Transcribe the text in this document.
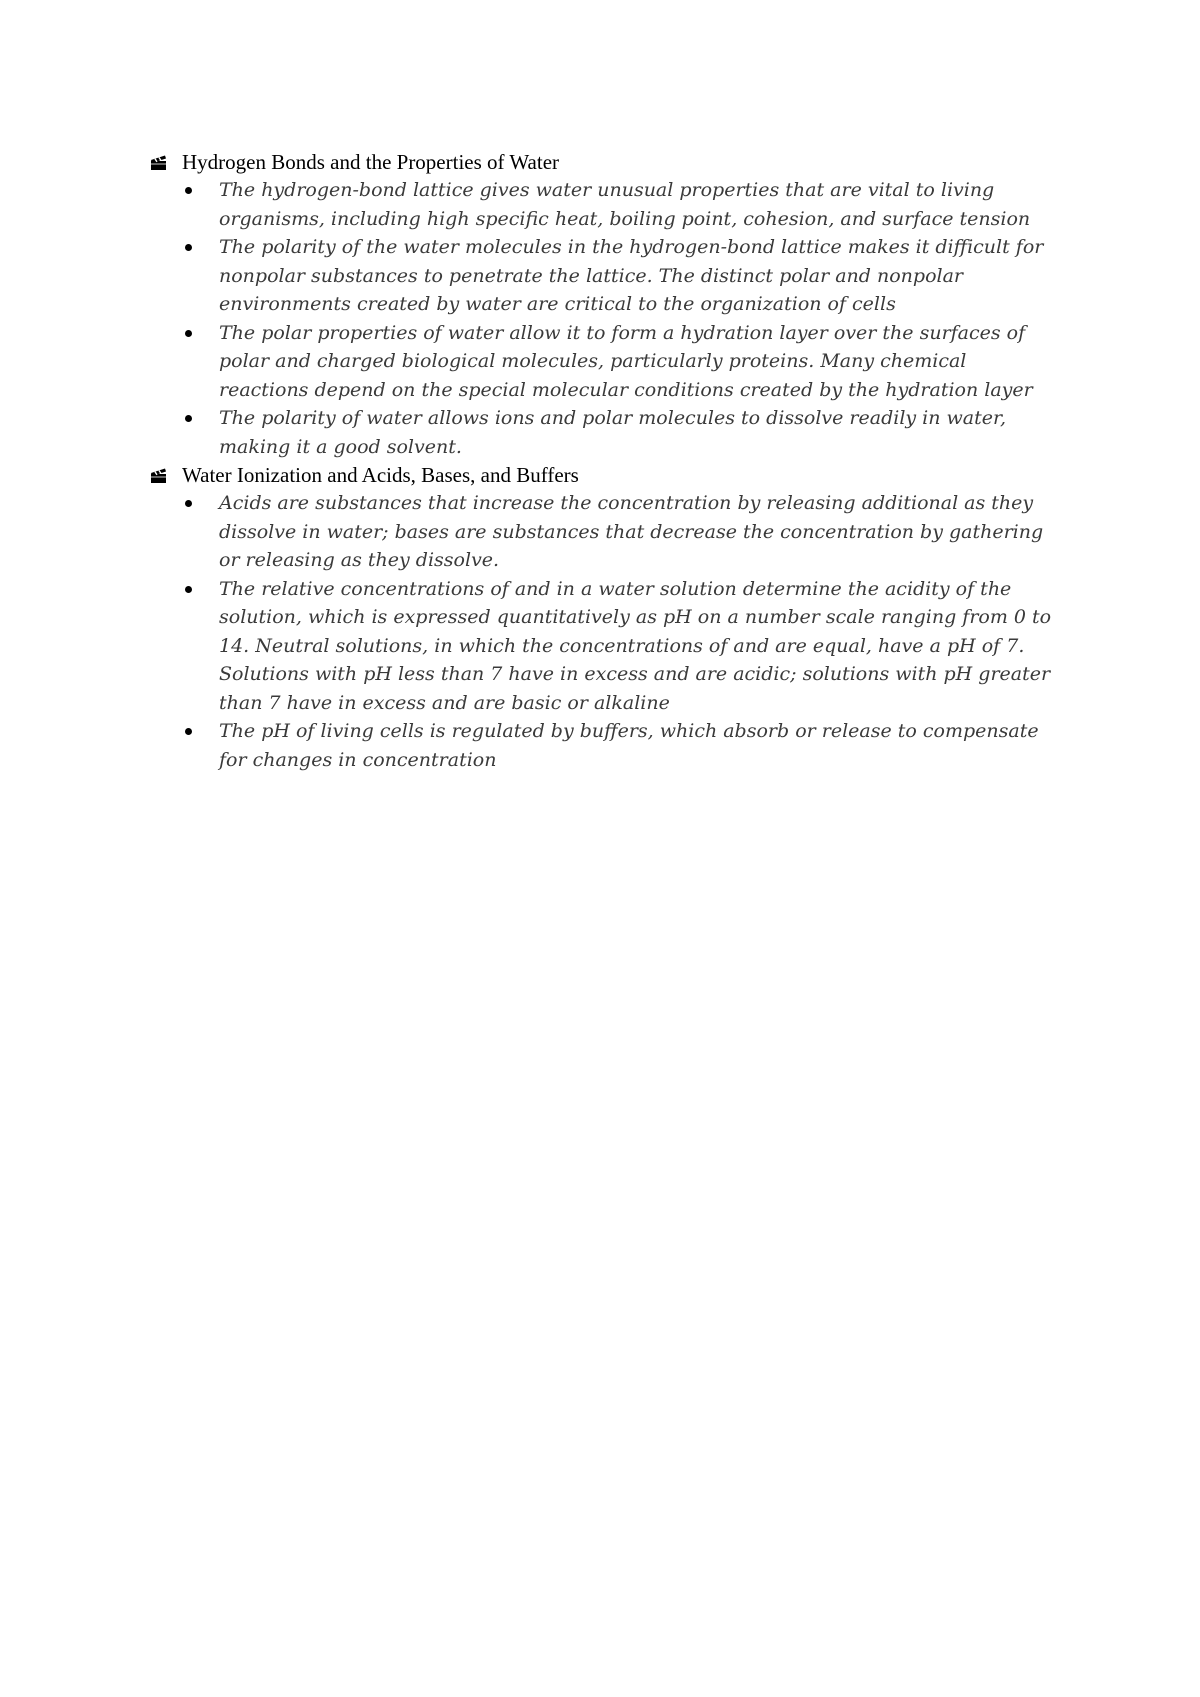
Hydrogen Bonds and the Properties of Water
The hydrogen-bond lattice gives water unusual properties that are vital to living organisms, including high specific heat, boiling point, cohesion, and surface tension
The polarity of the water molecules in the hydrogen-bond lattice makes it difficult for nonpolar substances to penetrate the lattice. The distinct polar and nonpolar environments created by water are critical to the organization of cells
The polar properties of water allow it to form a hydration layer over the surfaces of polar and charged biological molecules, particularly proteins. Many chemical reactions depend on the special molecular conditions created by the hydration layer
The polarity of water allows ions and polar molecules to dissolve readily in water, making it a good solvent.
Water Ionization and Acids, Bases, and Buffers
Acids are substances that increase the concentration by releasing additional as they dissolve in water; bases are substances that decrease the concentration by gathering or releasing as they dissolve.
The relative concentrations of and in a water solution determine the acidity of the solution, which is expressed quantitatively as pH on a number scale ranging from 0 to 14. Neutral solutions, in which the concentrations of and are equal, have a pH of 7. Solutions with pH less than 7 have in excess and are acidic; solutions with pH greater than 7 have in excess and are basic or alkaline
The pH of living cells is regulated by buffers, which absorb or release to compensate for changes in concentration
